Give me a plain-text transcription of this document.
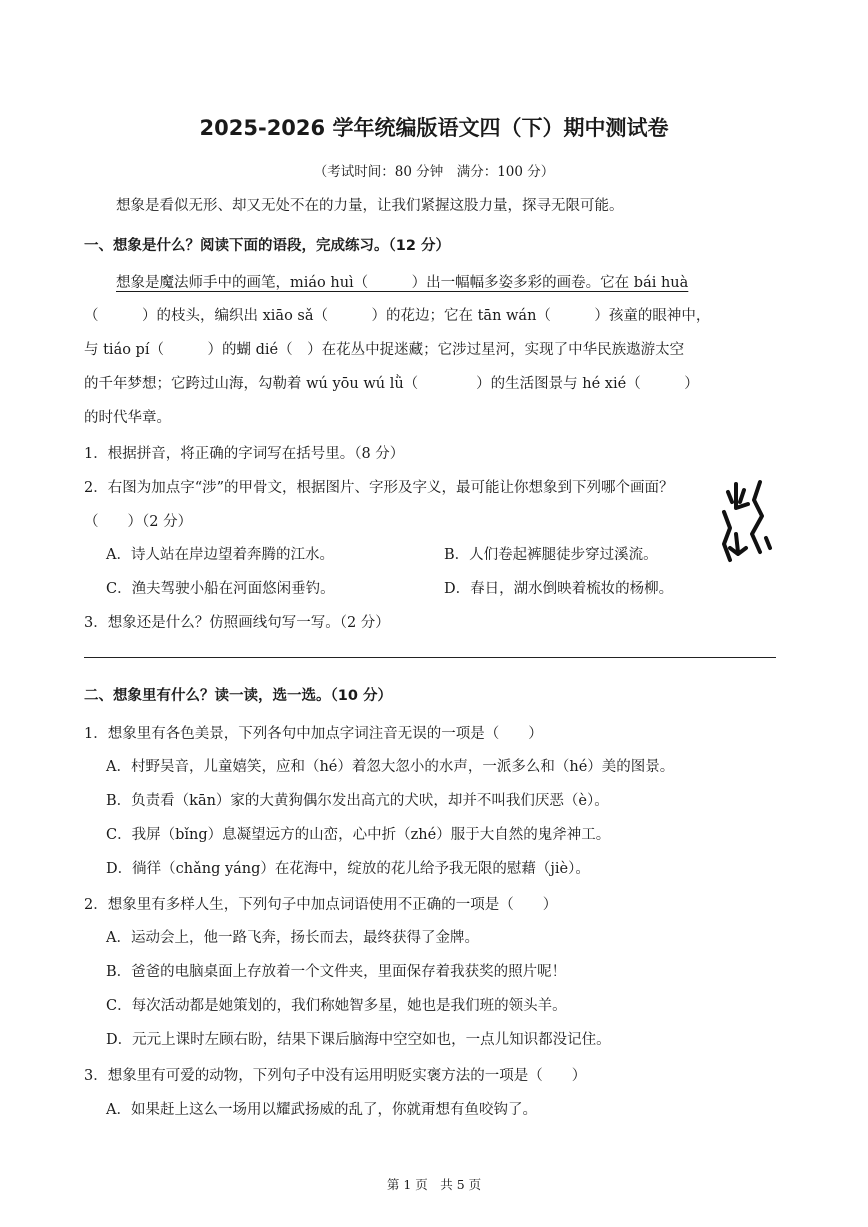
2025-2026 学年统编版语文四（下）期中测试卷
（考试时间：80 分钟　满分：100 分）
想象是看似无形、却又无处不在的力量，让我们紧握这股力量，探寻无限可能。
一、想象是什么？阅读下面的语段，完成练习。（12 分）
想象是魔法师手中的画笔，miáo huì（　　　）出一幅幅多姿多彩的画卷。它在 bái huà
（　　　）的枝头，编织出 xiāo sǎ（　　　）的花边；它在 tān wán（　　　）孩童的眼神中，
与 tiáo pí（　　　）的蝴 dié（　）在花丛中捉迷藏；它涉过星河，实现了中华民族遨游太空
的千年梦想；它跨过山海，勾勒着 wú yōu wú lǜ（　　　　）的生活图景与 hé xié（　　　）
的时代华章。
1．根据拼音，将正确的字词写在括号里。（8 分）
2．右图为加点字“涉”的甲骨文，根据图片、字形及字义，最可能让你想象到下列哪个画面？
（　　）（2 分）
A．诗人站在岸边望着奔腾的江水。	B．人们卷起裤腿徒步穿过溪流。
C．渔夫驾驶小船在河面悠闲垂钓。	D．春日，湖水倒映着梳妆的杨柳。
3．想象还是什么？仿照画线句写一写。（2 分）
二、想象里有什么？读一读，选一选。（10 分）
1．想象里有各色美景，下列各句中加点字词注音无误的一项是（　　）
A．村野吴音，儿童嬉笑，应和（hé）着忽大忽小的水声，一派多么和（hé）美的图景。
B．负责看（kān）家的大黄狗偶尔发出高亢的犬吠，却并不叫我们厌恶（è）。
C．我屏（bǐng）息凝望远方的山峦，心中折（zhé）服于大自然的鬼斧神工。
D．徜徉（chǎng yáng）在花海中，绽放的花儿给予我无限的慰藉（jiè）。
2．想象里有多样人生，下列句子中加点词语使用不正确的一项是（　　）
A．运动会上，他一路飞奔，扬长而去，最终获得了金牌。
B．爸爸的电脑桌面上存放着一个文件夹，里面保存着我获奖的照片呢！
C．每次活动都是她策划的，我们称她智多星，她也是我们班的领头羊。
D．元元上课时左顾右盼，结果下课后脑海中空空如也，一点儿知识都没记住。
3．想象里有可爱的动物，下列句子中没有运用明贬实褒方法的一项是（　　）
A．如果赶上这么一场用以耀武扬威的乱了，你就甭想有鱼咬钩了。
第 1 页　共 5 页
